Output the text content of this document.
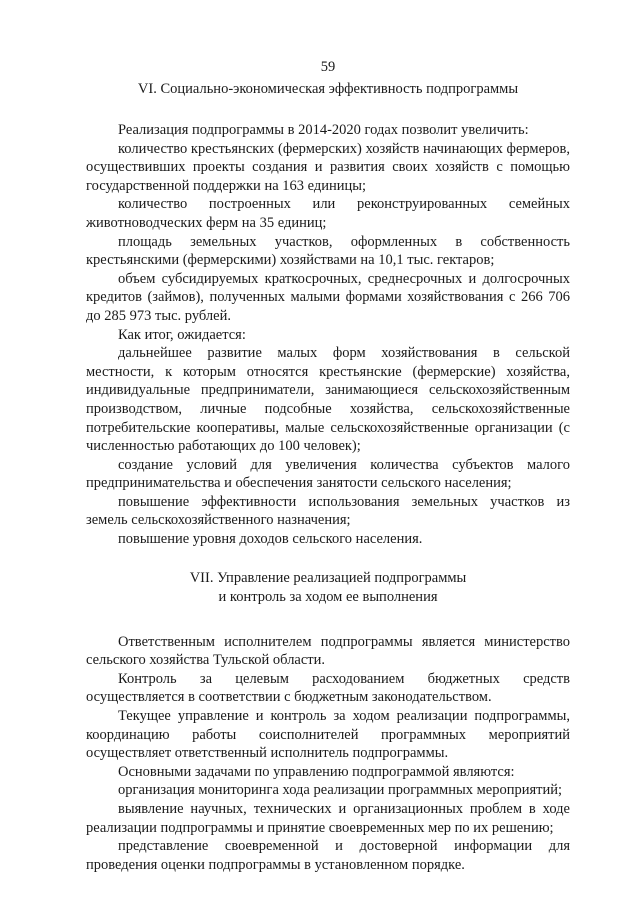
59
VI. Социально-экономическая эффективность подпрограммы

Реализация подпрограммы в 2014-2020 годах позволит увеличить:

количество крестьянских (фермерских) хозяйств начинающих фермеров, осуществивших проекты создания и развития своих хозяйств с помощью государственной поддержки на 163 единицы;

количество построенных или реконструированных семейных животноводческих ферм на 35 единиц;

площадь земельных участков, оформленных в собственность крестьянскими (фермерскими) хозяйствами на 10,1 тыс. гектаров;

объем субсидируемых краткосрочных, среднесрочных и долгосрочных кредитов (займов), полученных малыми формами хозяйствования с 266 706 до 285 973 тыс. рублей.

Как итог, ожидается:

дальнейшее развитие малых форм хозяйствования в сельской местности, к которым относятся крестьянские (фермерские) хозяйства, индивидуальные предприниматели, занимающиеся сельскохозяйственным производством, личные подсобные хозяйства, сельскохозяйственные потребительские кооперативы, малые сельскохозяйственные организации (с численностью работающих до 100 человек);

создание условий для увеличения количества субъектов малого предпринимательства и обеспечения занятости сельского населения;

повышение эффективности использования земельных участков из земель сельскохозяйственного назначения;

повышение уровня доходов сельского населения.

VII. Управление реализацией подпрограммы
и контроль за ходом ее выполнения

Ответственным исполнителем подпрограммы является министерство сельского хозяйства Тульской области.

Контроль за целевым расходованием бюджетных средств осуществляется в соответствии с бюджетным законодательством.

Текущее управление и контроль за ходом реализации подпрограммы, координацию работы соисполнителей программных мероприятий осуществляет ответственный исполнитель подпрограммы.

Основными задачами по управлению подпрограммой являются:

организация мониторинга хода реализации программных мероприятий;

выявление научных, технических и организационных проблем в ходе реализации подпрограммы и принятие своевременных мер по их решению;

представление своевременной и достоверной информации для проведения оценки подпрограммы в установленном порядке.
